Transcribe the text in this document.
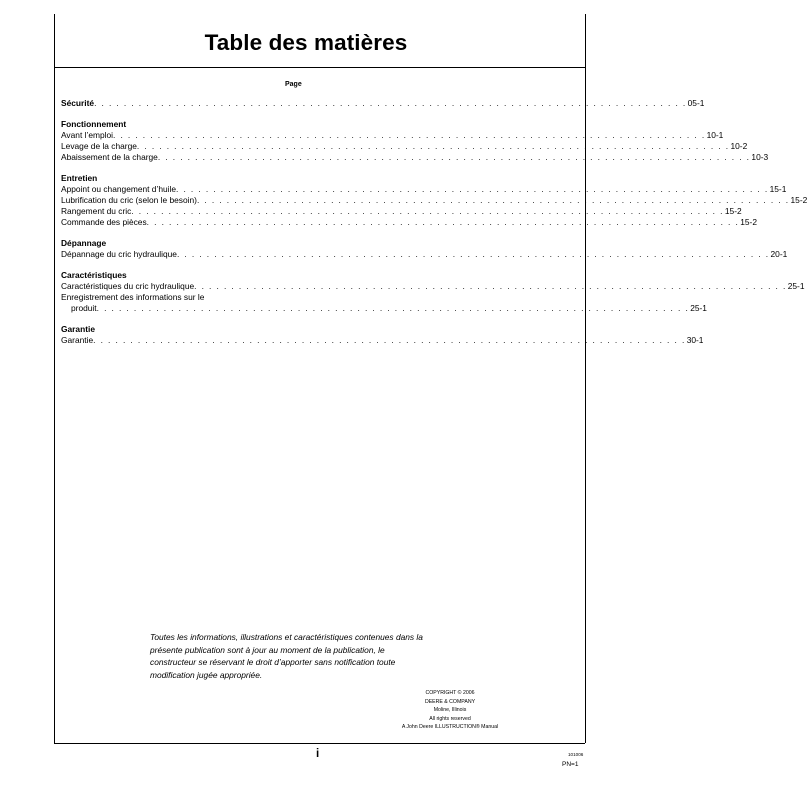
Table des matières
Page
Sécurité . . . . . . . . . . . . . . . . . . . . . . . . . . . . . . . . . . . . . . . . . . . . . . . . . . . . . . . . . . . . . . . . . . . . . . . . . . . . . . . . 05-1
Fonctionnement
Avant l’emploi . . . . . . . . . . . . . . . . . . . . . . . . . . . . . . . . . . . . . . . . . . . . . . . . . . . . . . . . . . . . . . . . . . . . . . . . . . . . . . . . 10-1
Levage de la charge . . . . . . . . . . . . . . . . . . . . . . . . . . . . . . . . . . . . . . . . . . . . . . . . . . . . . . . . . . . . . . . . . . . . . . . . . . . . . . . . 10-2
Abaissement de la charge . . . . . . . . . . . . . . . . . . . . . . . . . . . . . . . . . . . . . . . . . . . . . . . . . . . . . . . . . . . . . . . . . . . . . . . . . . . . . . . . 10-3
Entretien
Appoint ou changement d’huile . . . . . . . . . . . . . . . . . . . . . . . . . . . . . . . . . . . . . . . . . . . . . . . . . . . . . . . . . . . . . . . . . . . . . . . . . . . . . . . . 15-1
Lubrification du cric (selon le besoin) . . . . . . . . . . . . . . . . . . . . . . . . . . . . . . . . . . . . . . . . . . . . . . . . . . . . . . . . . . . . . . . . . . . . . . . . . . . . . . . . 15-2
Rangement du cric . . . . . . . . . . . . . . . . . . . . . . . . . . . . . . . . . . . . . . . . . . . . . . . . . . . . . . . . . . . . . . . . . . . . . . . . . . . . . . . . 15-2
Commande des pièces . . . . . . . . . . . . . . . . . . . . . . . . . . . . . . . . . . . . . . . . . . . . . . . . . . . . . . . . . . . . . . . . . . . . . . . . . . . . . . . . 15-2
Dépannage
Dépannage du cric hydraulique . . . . . . . . . . . . . . . . . . . . . . . . . . . . . . . . . . . . . . . . . . . . . . . . . . . . . . . . . . . . . . . . . . . . . . . . . . . . . . . . 20-1
Caractéristiques
Caractéristiques du cric hydraulique . . . . . . . . . . . . . . . . . . . . . . . . . . . . . . . . . . . . . . . . . . . . . . . . . . . . . . . . . . . . . . . . . . . . . . . . . . . . . . . . 25-1
Enregistrement des informations sur le
produit . . . . . . . . . . . . . . . . . . . . . . . . . . . . . . . . . . . . . . . . . . . . . . . . . . . . . . . . . . . . . . . . . . . . . . . . . . . . . . . . 25-1
Garantie
Garantie . . . . . . . . . . . . . . . . . . . . . . . . . . . . . . . . . . . . . . . . . . . . . . . . . . . . . . . . . . . . . . . . . . . . . . . . . . . . . . . . 30-1
Toutes les informations, illustrations et caractéristiques contenues dans la
présente publication sont à jour au moment de la publication, le
constructeur se réservant le droit d’apporter sans notification toute
modification jugée appropriée.
COPYRIGHT © 2006
DEERE & COMPANY
Moline, Illinois
All rights reserved
A John Deere ILLUSTRUCTION® Manual
i	101006
PN=1
